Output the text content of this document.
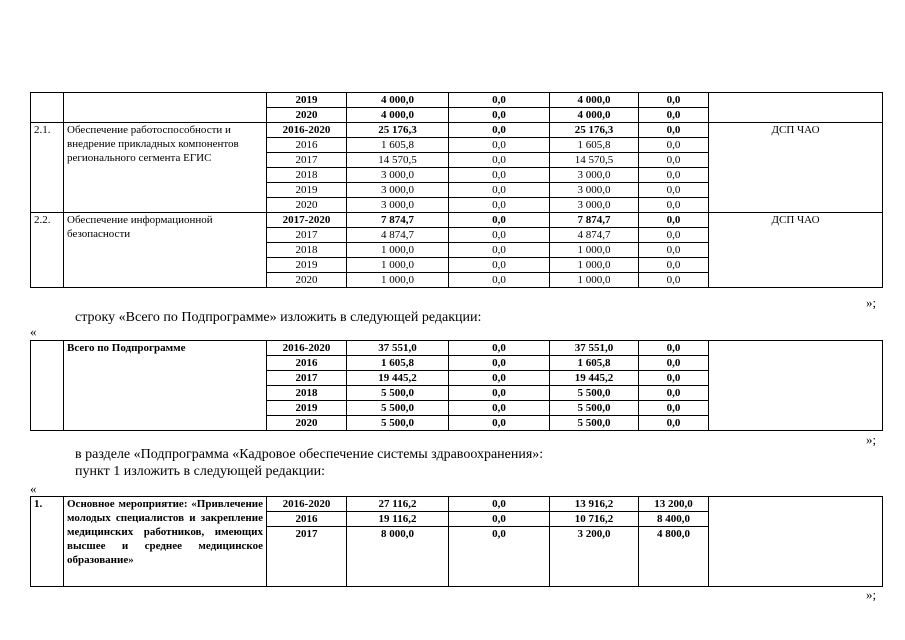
		2019	4 000,0	0,0	4 000,0	0,0	
		2020	4 000,0	0,0	4 000,0	0,0	
2.1.	Обеспечение работоспособности и внедрение прикладных компонентов регионального сегмента ЕГИС	2016-2020	25 176,3	0,0	25 176,3	0,0	ДСП ЧАО
		2016	1 605,8	0,0	1 605,8	0,0	
		2017	14 570,5	0,0	14 570,5	0,0	
		2018	3 000,0	0,0	3 000,0	0,0	
		2019	3 000,0	0,0	3 000,0	0,0	
		2020	3 000,0	0,0	3 000,0	0,0	
2.2.	Обеспечение информационной безопасности	2017-2020	7 874,7	0,0	7 874,7	0,0	ДСП ЧАО
		2017	4 874,7	0,0	4 874,7	0,0	
		2018	1 000,0	0,0	1 000,0	0,0	
		2019	1 000,0	0,0	1 000,0	0,0	
		2020	1 000,0	0,0	1 000,0	0,0	
»;
строку «Всего по Подпрограмме» изложить в следующей редакции:
«
	Всего по Подпрограмме	2016-2020	37 551,0	0,0	37 551,0	0,0	
		2016	1 605,8	0,0	1 605,8	0,0	
		2017	19 445,2	0,0	19 445,2	0,0	
		2018	5 500,0	0,0	5 500,0	0,0	
		2019	5 500,0	0,0	5 500,0	0,0	
		2020	5 500,0	0,0	5 500,0	0,0	
»;
в разделе «Подпрограмма «Кадровое обеспечение системы здравоохранения»:
пункт 1 изложить в следующей редакции:
«
1.	Основное мероприятие: «Привлечение молодых специалистов и закрепление медицинских работников, имеющих высшее и среднее медицинское образование»	2016-2020	27 116,2	0,0	13 916,2	13 200,0	
		2016	19 116,2	0,0	10 716,2	8 400,0	
		2017	8 000,0	0,0	3 200,0	4 800,0	
»;
